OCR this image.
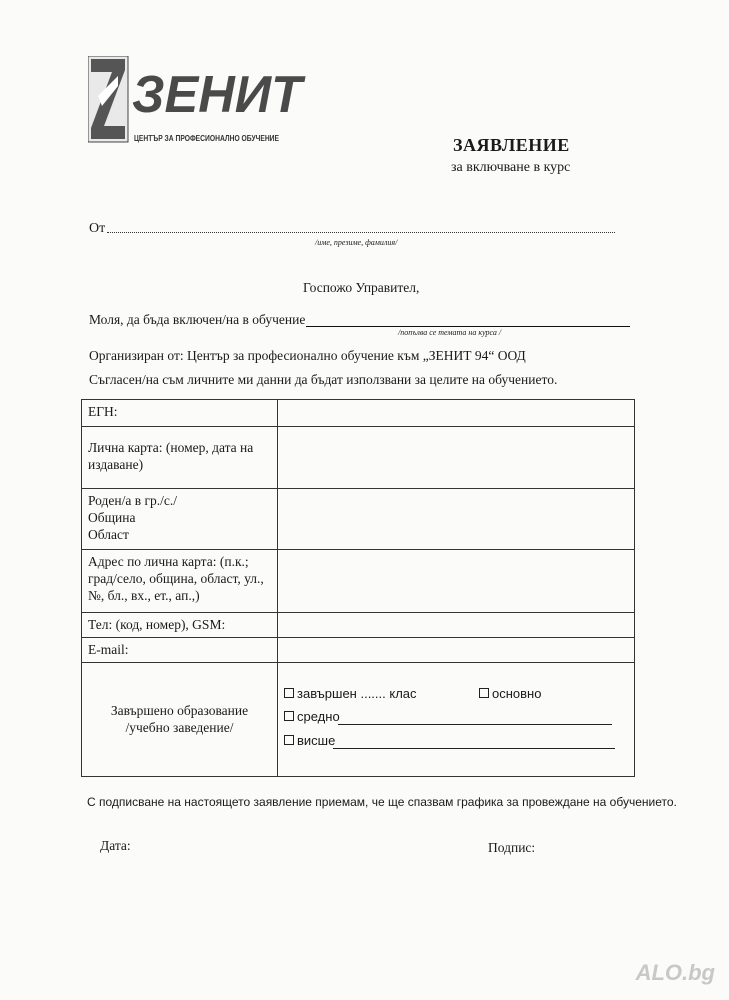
ЗЕНИТ
ЦЕНТЪР ЗА ПРОФЕСИОНАЛНО ОБУЧЕНИЕ	ЗАЯВЛЕНИЕ
за включване в курс
От
/име, презиме, фамилия/
Госпожо Управител,
Моля, да бъда включен/на в обучение
/попълва се темата на курса /
Организиран от: Център за професионално обучение към „ЗЕНИТ 94“ ООД
Съгласен/на съм личните ми данни да бъдат използвани за целите на обучението.
ЕГН:	
Лична карта: (номер, дата на издаване)	

Роден/а в гр./с./
Община
Област	

Адрес по лична карта: (п.к.; град/село, община, област, ул., №, бл., вх., ет., ап.,)	
Тел: (код, номер), GSM:	
E-mail:	

Завършено образование
/учебно заведение/	

завършен ....... клас	основно
средно
висше
С подписване на настоящето заявление приемам, че ще спазвам графика за провеждане на обучението.
Дата:	Подпис:
ALO.bg
